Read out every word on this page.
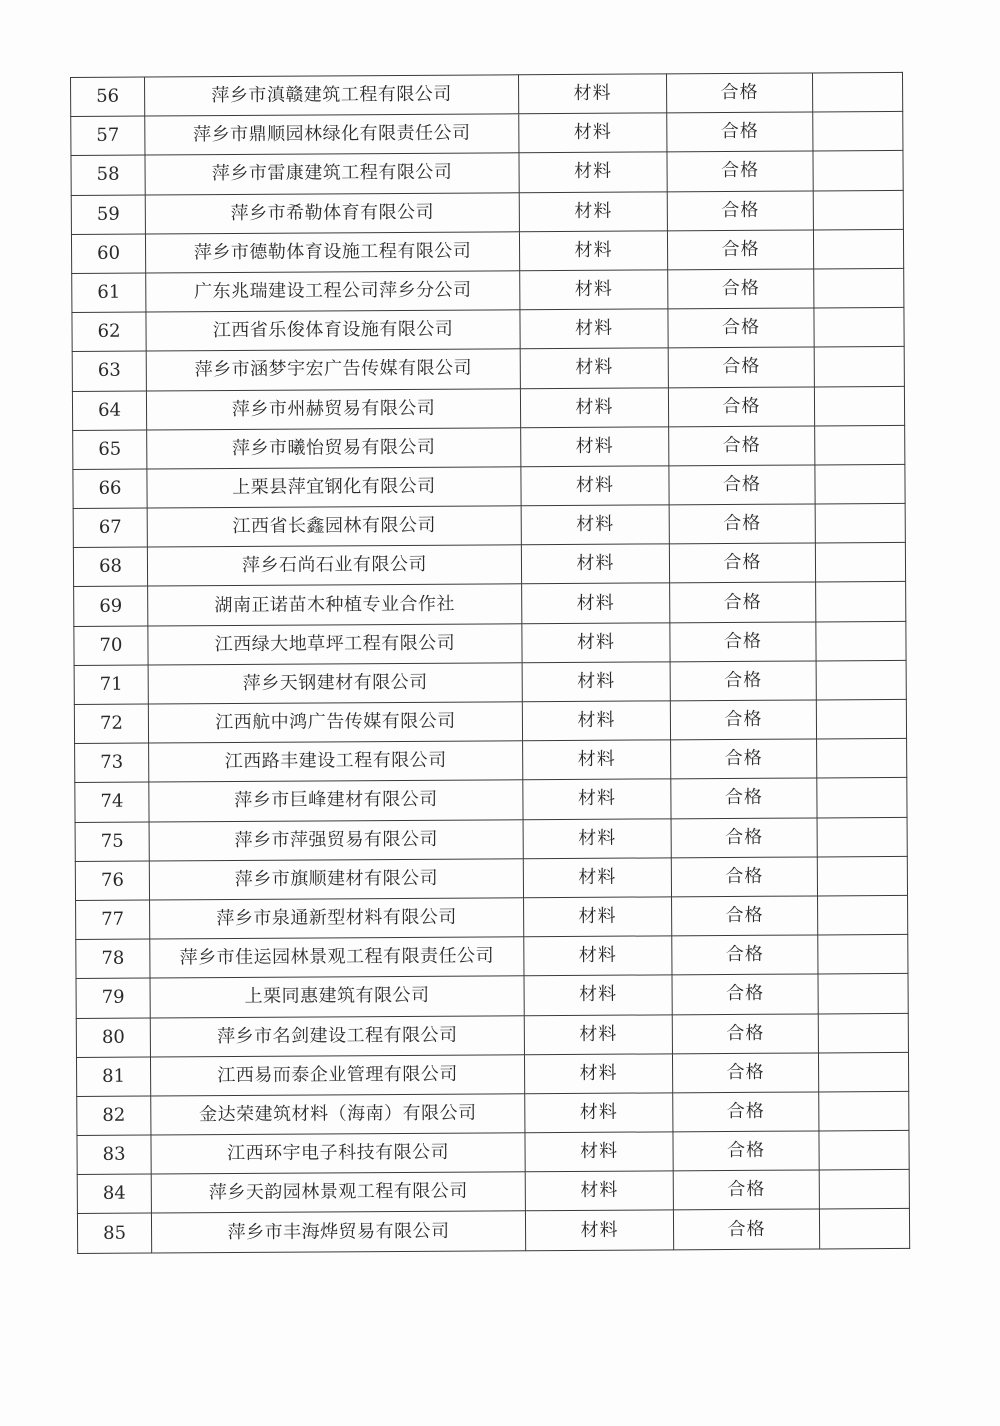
56	萍乡市滇赣建筑工程有限公司	材料	合格	
57	萍乡市鼎顺园林绿化有限责任公司	材料	合格	
58	萍乡市雷康建筑工程有限公司	材料	合格	
59	萍乡市希勒体育有限公司	材料	合格	
60	萍乡市德勒体育设施工程有限公司	材料	合格	
61	广东兆瑞建设工程公司萍乡分公司	材料	合格	
62	江西省乐俊体育设施有限公司	材料	合格	
63	萍乡市涵梦宇宏广告传媒有限公司	材料	合格	
64	萍乡市州赫贸易有限公司	材料	合格	
65	萍乡市曦怡贸易有限公司	材料	合格	
66	上栗县萍宜钢化有限公司	材料	合格	
67	江西省长鑫园林有限公司	材料	合格	
68	萍乡石尚石业有限公司	材料	合格	
69	湖南正诺苗木种植专业合作社	材料	合格	
70	江西绿大地草坪工程有限公司	材料	合格	
71	萍乡天钢建材有限公司	材料	合格	
72	江西航中鸿广告传媒有限公司	材料	合格	
73	江西路丰建设工程有限公司	材料	合格	
74	萍乡市巨峰建材有限公司	材料	合格	
75	萍乡市萍强贸易有限公司	材料	合格	
76	萍乡市旗顺建材有限公司	材料	合格	
77	萍乡市泉通新型材料有限公司	材料	合格	
78	萍乡市佳运园林景观工程有限责任公司	材料	合格	
79	上栗同惠建筑有限公司	材料	合格	
80	萍乡市名剑建设工程有限公司	材料	合格	
81	江西易而泰企业管理有限公司	材料	合格	
82	金达荣建筑材料（海南）有限公司	材料	合格	
83	江西环宇电子科技有限公司	材料	合格	
84	萍乡天韵园林景观工程有限公司	材料	合格	
85	萍乡市丰海烨贸易有限公司	材料	合格	
